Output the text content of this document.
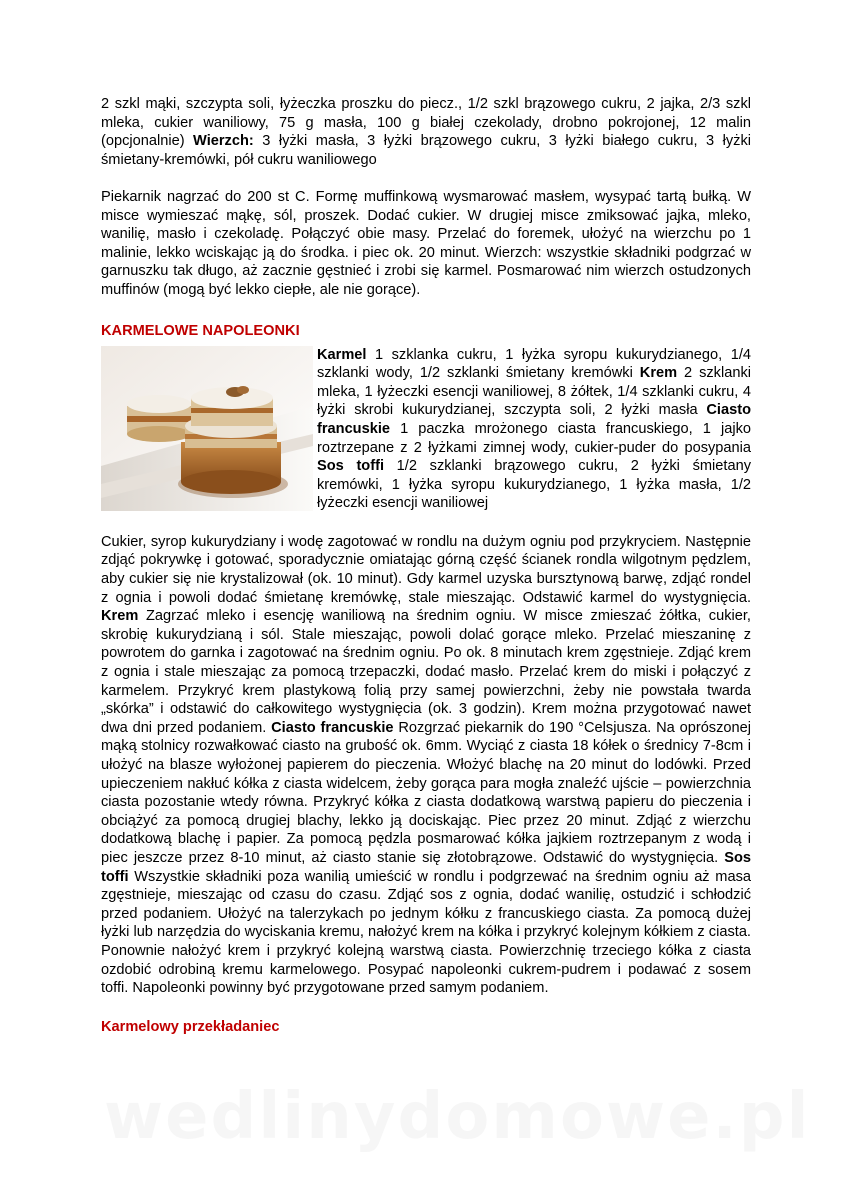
2 szkl mąki, szczypta soli, łyżeczka proszku do piecz., 1/2 szkl brązowego cukru, 2 jajka, 2/3 szkl mleka, cukier waniliowy, 75 g masła, 100 g białej czekolady, drobno pokrojonej, 12 malin (opcjonalnie) Wierzch: 3 łyżki masła, 3 łyżki brązowego cukru, 3 łyżki białego cukru, 3 łyżki śmietany-kremówki, pół cukru waniliowego

Piekarnik nagrzać do 200 st C. Formę muffinkową wysmarować masłem, wysypać tartą bułką. W misce wymieszać mąkę, sól, proszek. Dodać cukier. W drugiej misce zmiksować jajka, mleko, wanilię, masło i czekoladę. Połączyć obie masy. Przelać do foremek, ułożyć na wierzchu po 1 malinie, lekko wciskając ją do środka. i piec ok. 20 minut. Wierzch: wszystkie składniki podgrzać w garnuszku tak długo, aż zacznie gęstnieć i zrobi się karmel. Posmarować nim wierzch ostudzonych muffinów (mogą być lekko ciepłe, ale nie gorące).

KARMELOWE NAPOLEONKI

Karmel 1 szklanka cukru, 1 łyżka syropu kukurydzianego, 1/4 szklanki wody, 1/2 szklanki śmietany kremówki Krem 2 szklanki mleka, 1 łyżeczki esencji waniliowej, 8 żółtek, 1/4 szklanki cukru, 4 łyżki skrobi kukurydzianej, szczypta soli, 2 łyżki masła Ciasto francuskie 1 paczka mrożonego ciasta francuskiego, 1 jajko roztrzepane z 2 łyżkami zimnej wody, cukier-puder do posypania Sos toffi 1/2 szklanki brązowego cukru, 2 łyżki śmietany kremówki, 1 łyżka syropu kukurydzianego, 1 łyżka masła, 1/2 łyżeczki esencji waniliowej

Cukier, syrop kukurydziany i wodę zagotować w rondlu na dużym ogniu pod przykryciem. Następnie zdjąć pokrywkę i gotować, sporadycznie omiatając górną część ścianek rondla wilgotnym pędzlem, aby cukier się nie krystalizował (ok. 10 minut). Gdy karmel uzyska bursztynową barwę, zdjąć rondel z ognia i powoli dodać śmietanę kremówkę, stale mieszając. Odstawić karmel do wystygnięcia. Krem Zagrzać mleko i esencję waniliową na średnim ogniu. W misce zmieszać żółtka, cukier, skrobię kukurydzianą i sól. Stale mieszając, powoli dolać gorące mleko. Przelać mieszaninę z powrotem do garnka i zagotować na średnim ogniu. Po ok. 8 minutach krem zgęstnieje. Zdjąć krem z ognia i stale mieszając za pomocą trzepaczki, dodać masło. Przelać krem do miski i połączyć z karmelem. Przykryć krem plastykową folią przy samej powierzchni, żeby nie powstała twarda „skórka” i odstawić do całkowitego wystygnięcia (ok. 3 godzin). Krem można przygotować nawet dwa dni przed podaniem. Ciasto francuskie Rozgrzać piekarnik do 190 °Celsjusza. Na oprószonej mąką stolnicy rozwałkować ciasto na grubość ok. 6mm. Wyciąć z ciasta 18 kółek o średnicy 7-8cm i ułożyć na blasze wyłożonej papierem do pieczenia. Włożyć blachę na 20 minut do lodówki. Przed upieczeniem nakłuć kółka z ciasta widelcem, żeby gorąca para mogła znaleźć ujście – powierzchnia ciasta pozostanie wtedy równa. Przykryć kółka z ciasta dodatkową warstwą papieru do pieczenia i obciążyć za pomocą drugiej blachy, lekko ją dociskając. Piec przez 20 minut. Zdjąć z wierzchu dodatkową blachę i papier. Za pomocą pędzla posmarować kółka jajkiem roztrzepanym z wodą i piec jeszcze przez 8-10 minut, aż ciasto stanie się złotobrązowe. Odstawić do wystygnięcia. Sos toffi Wszystkie składniki poza wanilią umieścić w rondlu i podgrzewać na średnim ogniu aż masa zgęstnieje, mieszając od czasu do czasu. Zdjąć sos z ognia, dodać wanilię, ostudzić i schłodzić przed podaniem. Ułożyć na talerzykach po jednym kółku z francuskiego ciasta. Za pomocą dużej łyżki lub narzędzia do wyciskania kremu, nałożyć krem na kółka i przykryć kolejnym kółkiem z ciasta. Ponownie nałożyć krem i przykryć kolejną warstwą ciasta. Powierzchnię trzeciego kółka z ciasta ozdobić odrobiną kremu karmelowego. Posypać napoleonki cukrem-pudrem i podawać z sosem toffi. Napoleonki powinny być przygotowane przed samym podaniem.

Karmelowy przekładaniec
